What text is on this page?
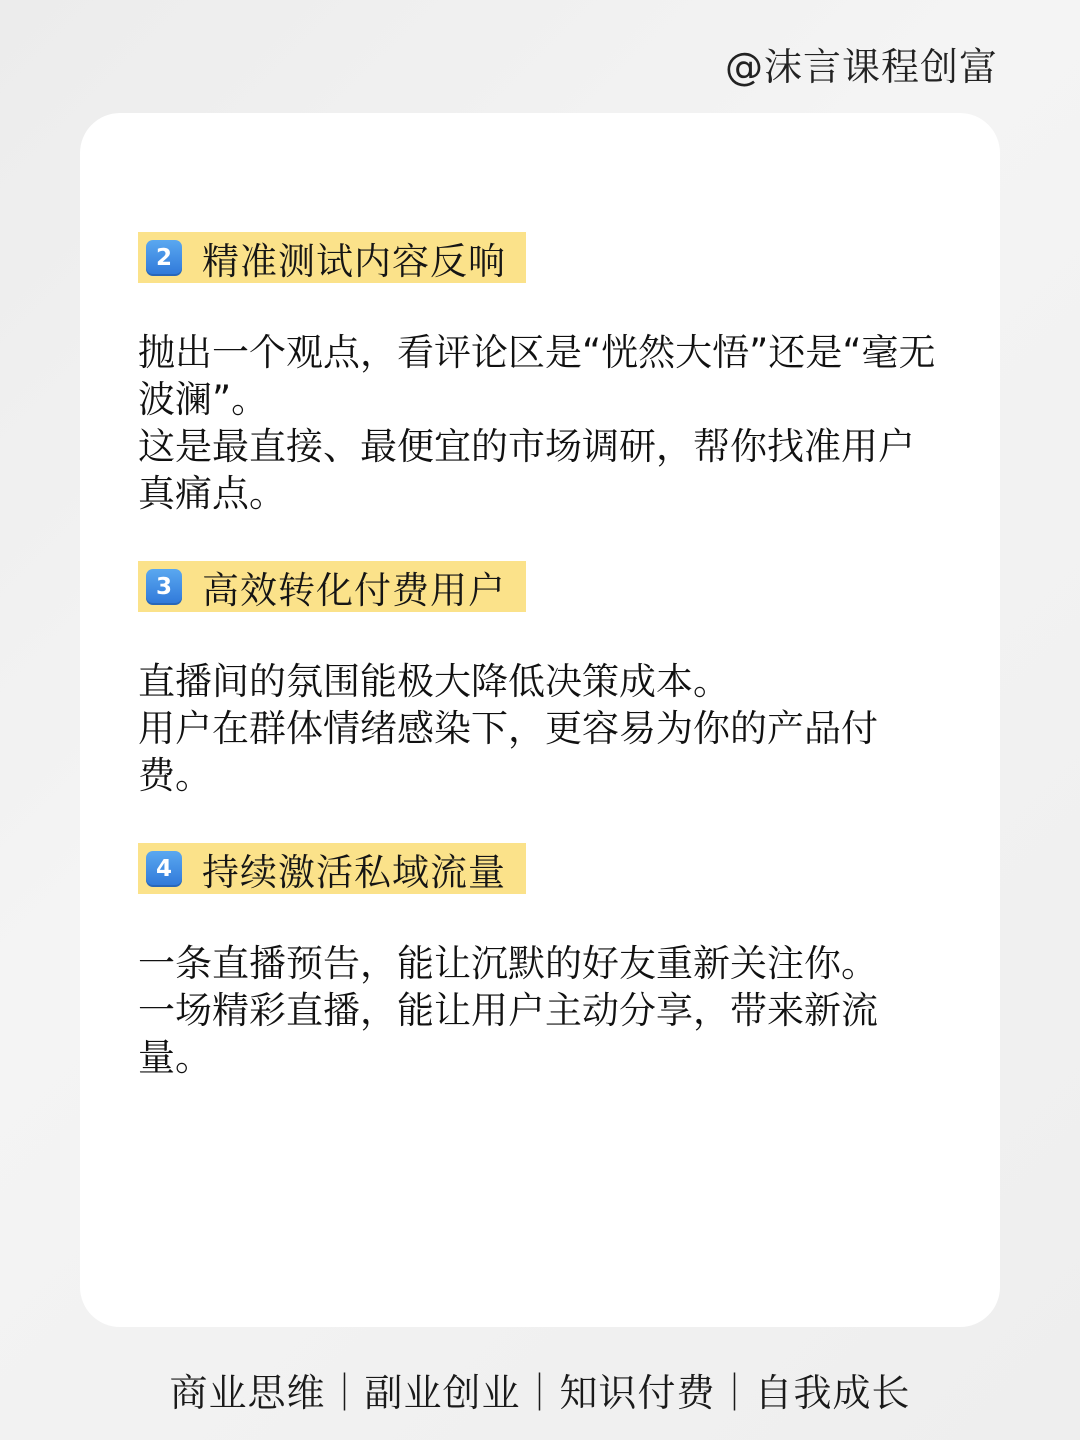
@沫言课程创富
2 精准测试内容反响
抛出一个观点，看评论区是“恍然大悟”还是“毫无
波澜”。
这是最直接、最便宜的市场调研，帮你找准用户
真痛点。
3 高效转化付费用户
直播间的氛围能极大降低决策成本。
用户在群体情绪感染下，更容易为你的产品付
费。
4 持续激活私域流量
一条直播预告，能让沉默的好友重新关注你。
一场精彩直播，能让用户主动分享，带来新流
量。
商业思维｜副业创业｜知识付费｜自我成长
